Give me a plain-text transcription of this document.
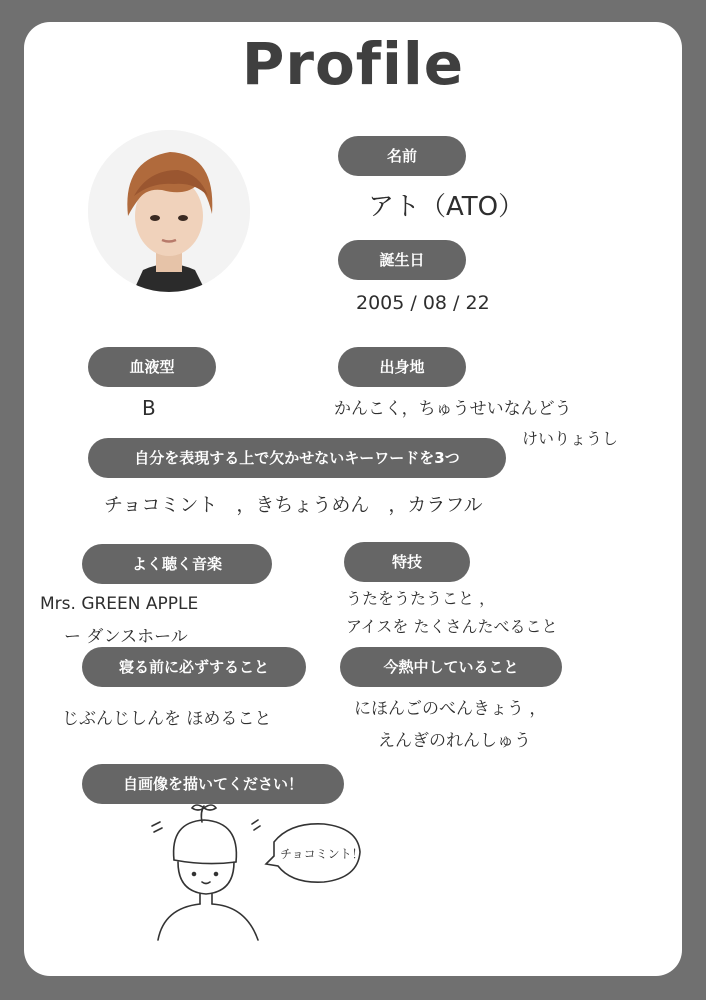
Profile
名前
アト（ATO）
誕生日
2005 / 08 / 22
血液型
B
出身地
かんこく，ちゅうせいなんどう
けいりょうし
自分を表現する上で欠かせないキーワードを3つ
チョコミント　，きちょうめん　，カラフル
よく聴く音楽
Mrs. GREEN APPLE
ー ダンスホール
特技
うたをうたうこと ，
アイスを たくさんたべること
寝る前に必ずすること
じぶんじしんを ほめること
今熱中していること
にほんごのべんきょう ，
えんぎのれんしゅう
自画像を描いてください！
チョコミント！
